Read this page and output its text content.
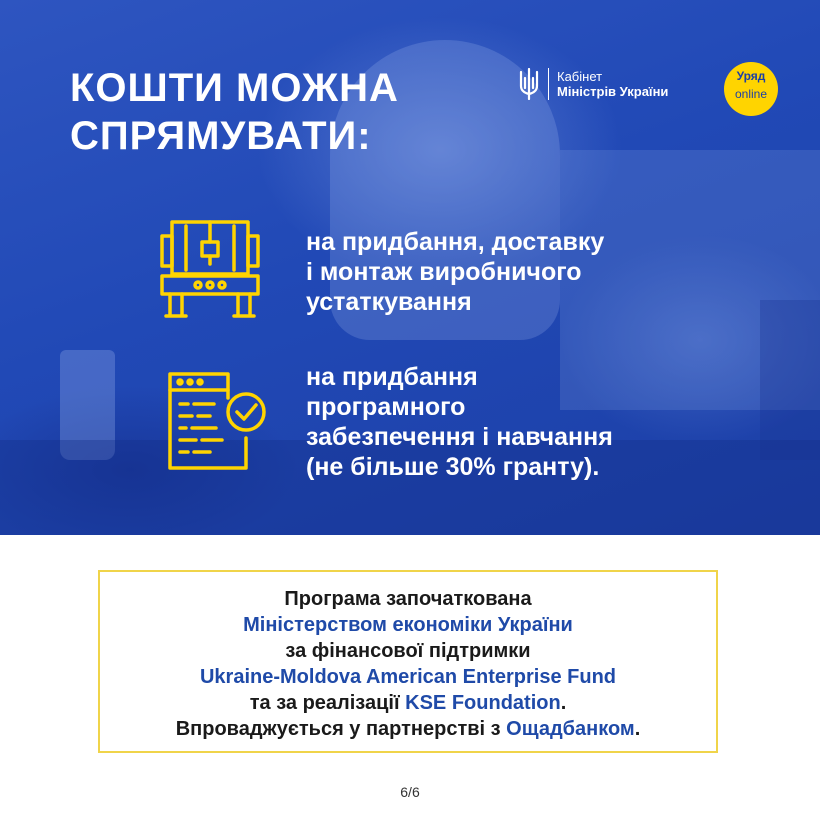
КОШТИ МОЖНА
СПРЯМУВАТИ:
Кабінет
Міністрів України
Уряд
online

на придбання, доставку
і монтаж виробничого
устаткування

на придбання
програмного
забезпечення і навчання
(не більше 30% гранту).

Програма започаткована
Міністерством економіки України
за фінансової підтримки
Ukraine-Moldova American Enterprise Fund
та за реалізації KSE Foundation.
Впроваджується у партнерстві з Ощадбанком.
6/6
